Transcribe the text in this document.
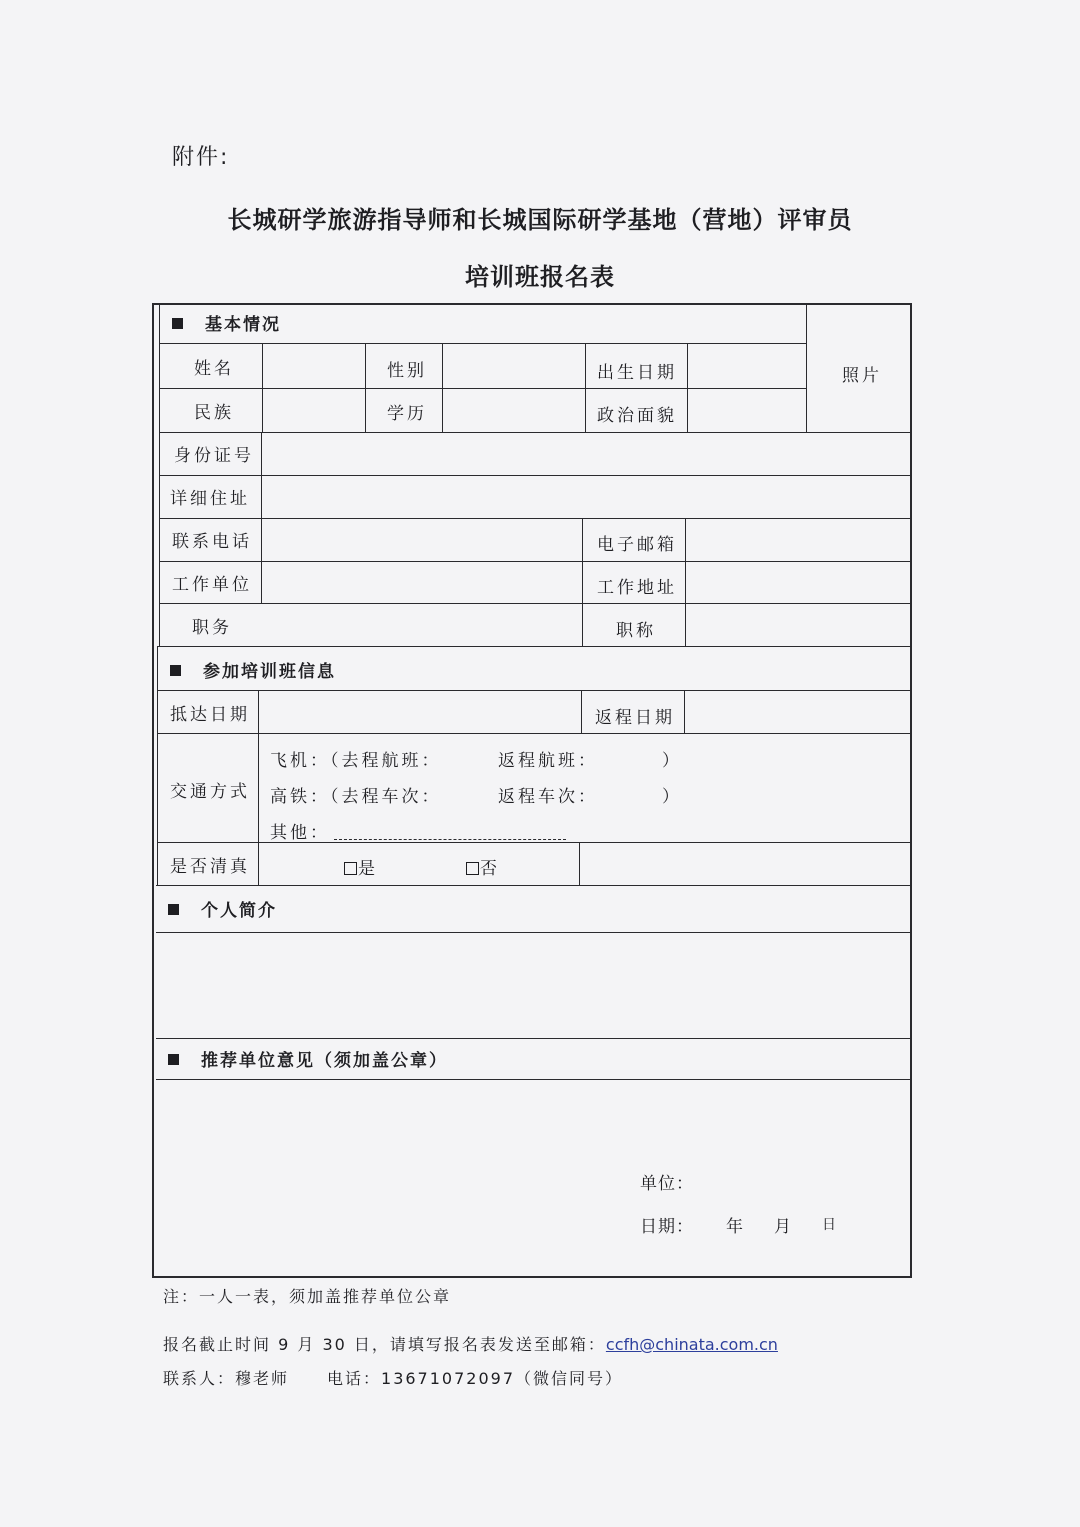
附件:
长城研学旅游指导师和长城国际研学基地（营地）评审员
培训班报名表
基本情况
参加培训班信息
个人简介
推荐单位意见（须加盖公章）
姓名	性别	出生日期	照片
民族	学历	政治面貌
身份证号
详细住址
联系电话	电子邮箱
工作单位	工作地址
职务	职称
抵达日期	返程日期
交通方式
飞机：（去程航班：	返程航班：	）
高铁：（去程车次：	返程车次：	）
其他：
是否清真	是	否
单位：
日期： 年 月 日
注：一人一表，须加盖推荐单位公章
报名截止时间 9 月 30 日，请填写报名表发送至邮箱：ccfh@chinata.com.cn
联系人：穆老师 电话：13671072097（微信同号）
